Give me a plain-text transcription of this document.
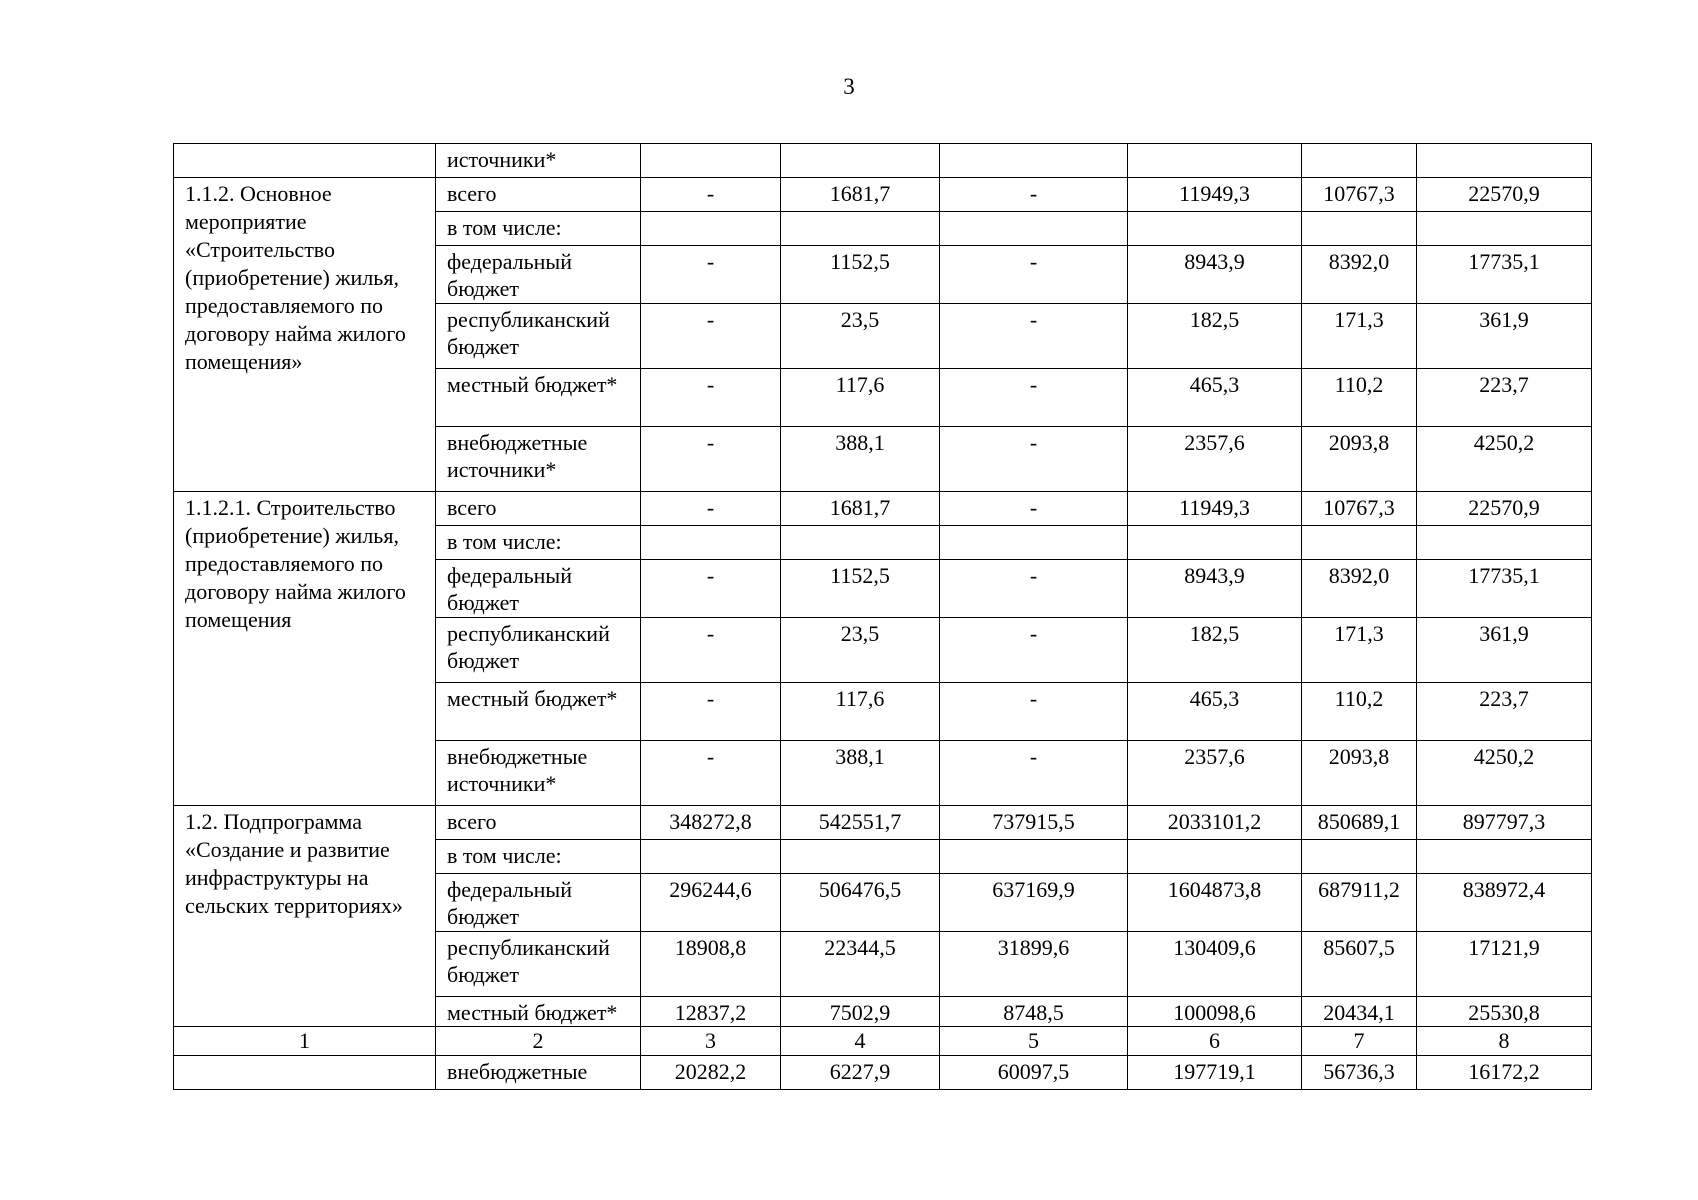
3
	источники*						
1.1.2. Основное мероприятие «Строительство (приобретение) жилья, предоставляемого по договору найма жилого помещения»	всего	-	1681,7	-	11949,3	10767,3	22570,9
	в том числе:						
	федеральный бюджет	-	1152,5	-	8943,9	8392,0	17735,1
	республиканский бюджет	-	23,5	-	182,5	171,3	361,9
	местный бюджет*	-	117,6	-	465,3	110,2	223,7
	внебюджетные источники*	-	388,1	-	2357,6	2093,8	4250,2
1.1.2.1. Строительство (приобретение) жилья, предоставляемого по договору найма жилого помещения	всего	-	1681,7	-	11949,3	10767,3	22570,9
	в том числе:						
	федеральный бюджет	-	1152,5	-	8943,9	8392,0	17735,1
	республиканский бюджет	-	23,5	-	182,5	171,3	361,9
	местный бюджет*	-	117,6	-	465,3	110,2	223,7
	внебюджетные источники*	-	388,1	-	2357,6	2093,8	4250,2
1.2. Подпрограмма «Создание и развитие инфраструктуры на сельских территориях»	всего	348272,8	542551,7	737915,5	2033101,2	850689,1	897797,3
	в том числе:						
	федеральный бюджет	296244,6	506476,5	637169,9	1604873,8	687911,2	838972,4
	республиканский бюджет	18908,8	22344,5	31899,6	130409,6	85607,5	17121,9
	местный бюджет*	12837,2	7502,9	8748,5	100098,6	20434,1	25530,8
1	2	3	4	5	6	7	8
	внебюджетные	20282,2	6227,9	60097,5	197719,1	56736,3	16172,2
